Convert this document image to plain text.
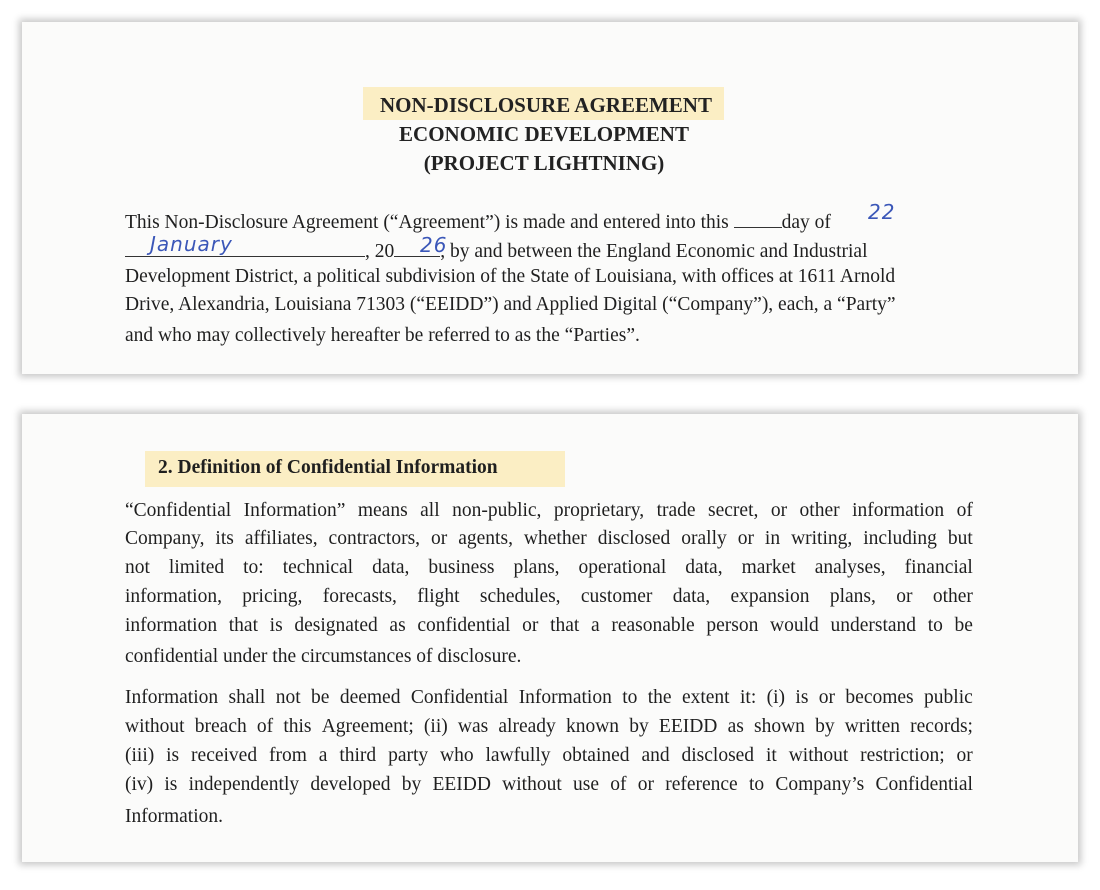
NON-DISCLOSURE AGREEMENT
ECONOMIC DEVELOPMENT
(PROJECT LIGHTNING)
This Non-Disclosure Agreement (“Agreement”) is made and entered into this	day of
, 20 , by and between the England Economic and Industrial
Development District, a political subdivision of the State of Louisiana, with offices at 1611 Arnold
Drive, Alexandria, Louisiana 71303 (“EEIDD”) and Applied Digital (“Company”), each, a “Party”
and who may collectively hereafter be referred to as the “Parties”.
22
January	26
2. Definition of Confidential Information
“Confidential Information” means all non-public, proprietary, trade secret, or other information of
Company, its affiliates, contractors, or agents, whether disclosed orally or in writing, including but
not limited to: technical data, business plans, operational data, market analyses, financial
information, pricing, forecasts, flight schedules, customer data, expansion plans, or other
information that is designated as confidential or that a reasonable person would understand to be
confidential under the circumstances of disclosure.
Information shall not be deemed Confidential Information to the extent it: (i) is or becomes public
without breach of this Agreement; (ii) was already known by EEIDD as shown by written records;
(iii) is received from a third party who lawfully obtained and disclosed it without restriction; or
(iv) is independently developed by EEIDD without use of or reference to Company’s Confidential
Information.
